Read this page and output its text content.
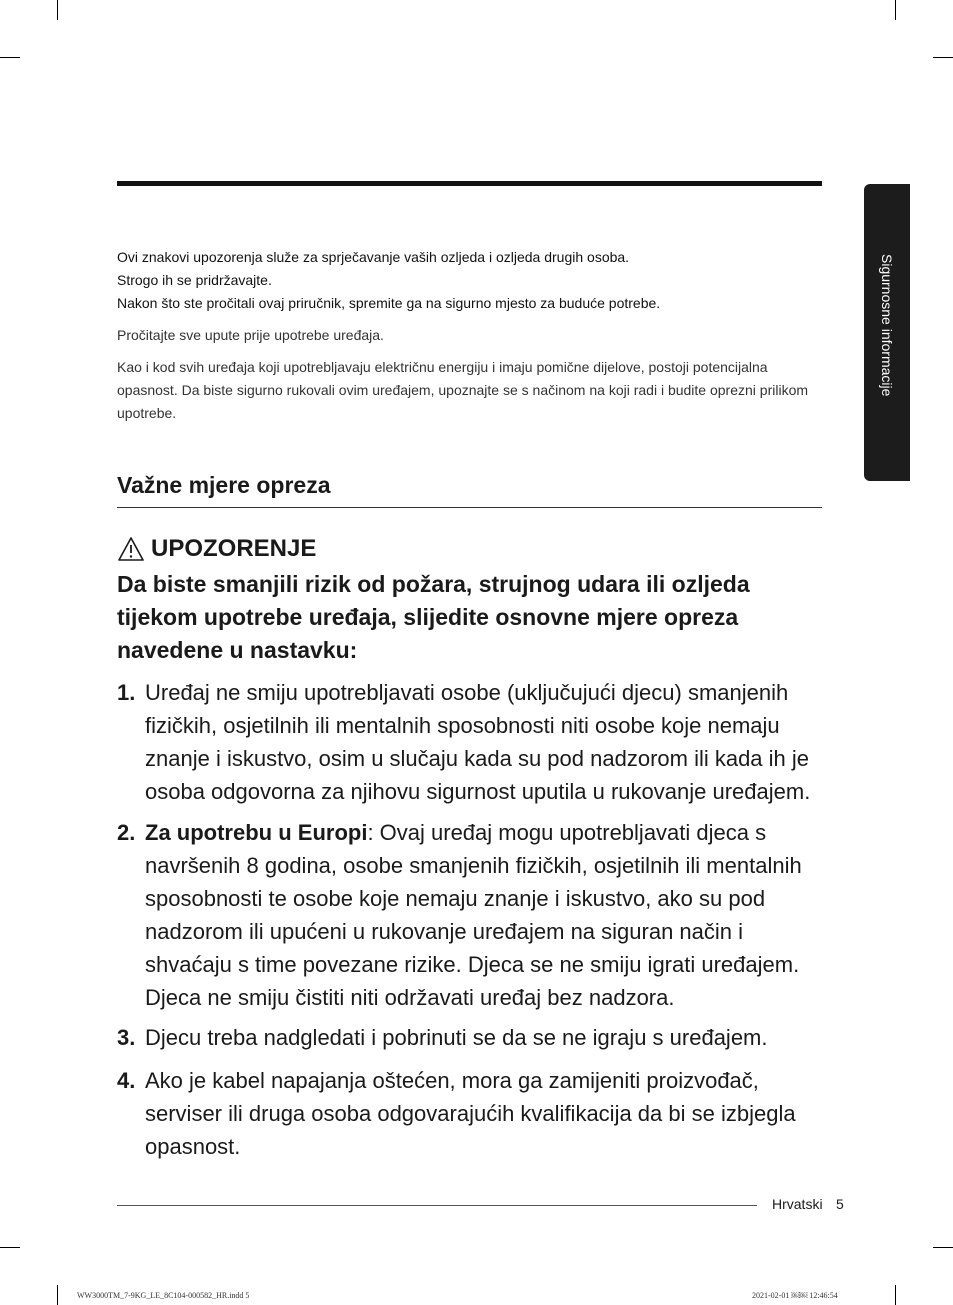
Sigurnosne informacije
Ovi znakovi upozorenja služe za sprječavanje vaših ozljeda i ozljeda drugih osoba.
Strogo ih se pridržavajte.
Nakon što ste pročitali ovaj priručnik, spremite ga na sigurno mjesto za buduće potrebe.
Pročitajte sve upute prije upotrebe uređaja.
Kao i kod svih uređaja koji upotrebljavaju električnu energiju i imaju pomične dijelove, postoji potencijalna opasnost. Da biste sigurno rukovali ovim uređajem, upoznajte se s načinom na koji radi i budite oprezni prilikom upotrebe.
Važne mjere opreza
UPOZORENJE
Da biste smanjili rizik od požara, strujnog udara ili ozljeda tijekom upotrebe uređaja, slijedite osnovne mjere opreza navedene u nastavku:
1. Uređaj ne smiju upotrebljavati osobe (uključujući djecu) smanjenih fizičkih, osjetilnih ili mentalnih sposobnosti niti osobe koje nemaju znanje i iskustvo, osim u slučaju kada su pod nadzorom ili kada ih je osoba odgovorna za njihovu sigurnost uputila u rukovanje uređajem.
2. Za upotrebu u Europi: Ovaj uređaj mogu upotrebljavati djeca s navršenih 8 godina, osobe smanjenih fizičkih, osjetilnih ili mentalnih sposobnosti te osobe koje nemaju znanje i iskustvo, ako su pod nadzorom ili upućeni u rukovanje uređajem na siguran način i shvaćaju s time povezane rizike. Djeca se ne smiju igrati uređajem. Djeca ne smiju čistiti niti održavati uređaj bez nadzora.
3. Djecu treba nadgledati i pobrinuti se da se ne igraju s uređajem.
4. Ako je kabel napajanja oštećen, mora ga zamijeniti proizvođač, serviser ili druga osoba odgovarajućih kvalifikacija da bi se izbjegla opasnost.
Hrvatski 5
WW3000TM_7-9KG_LE_8C104-000582_HR.indd 5	2021-02-01 ￼￼ 12:46:54
